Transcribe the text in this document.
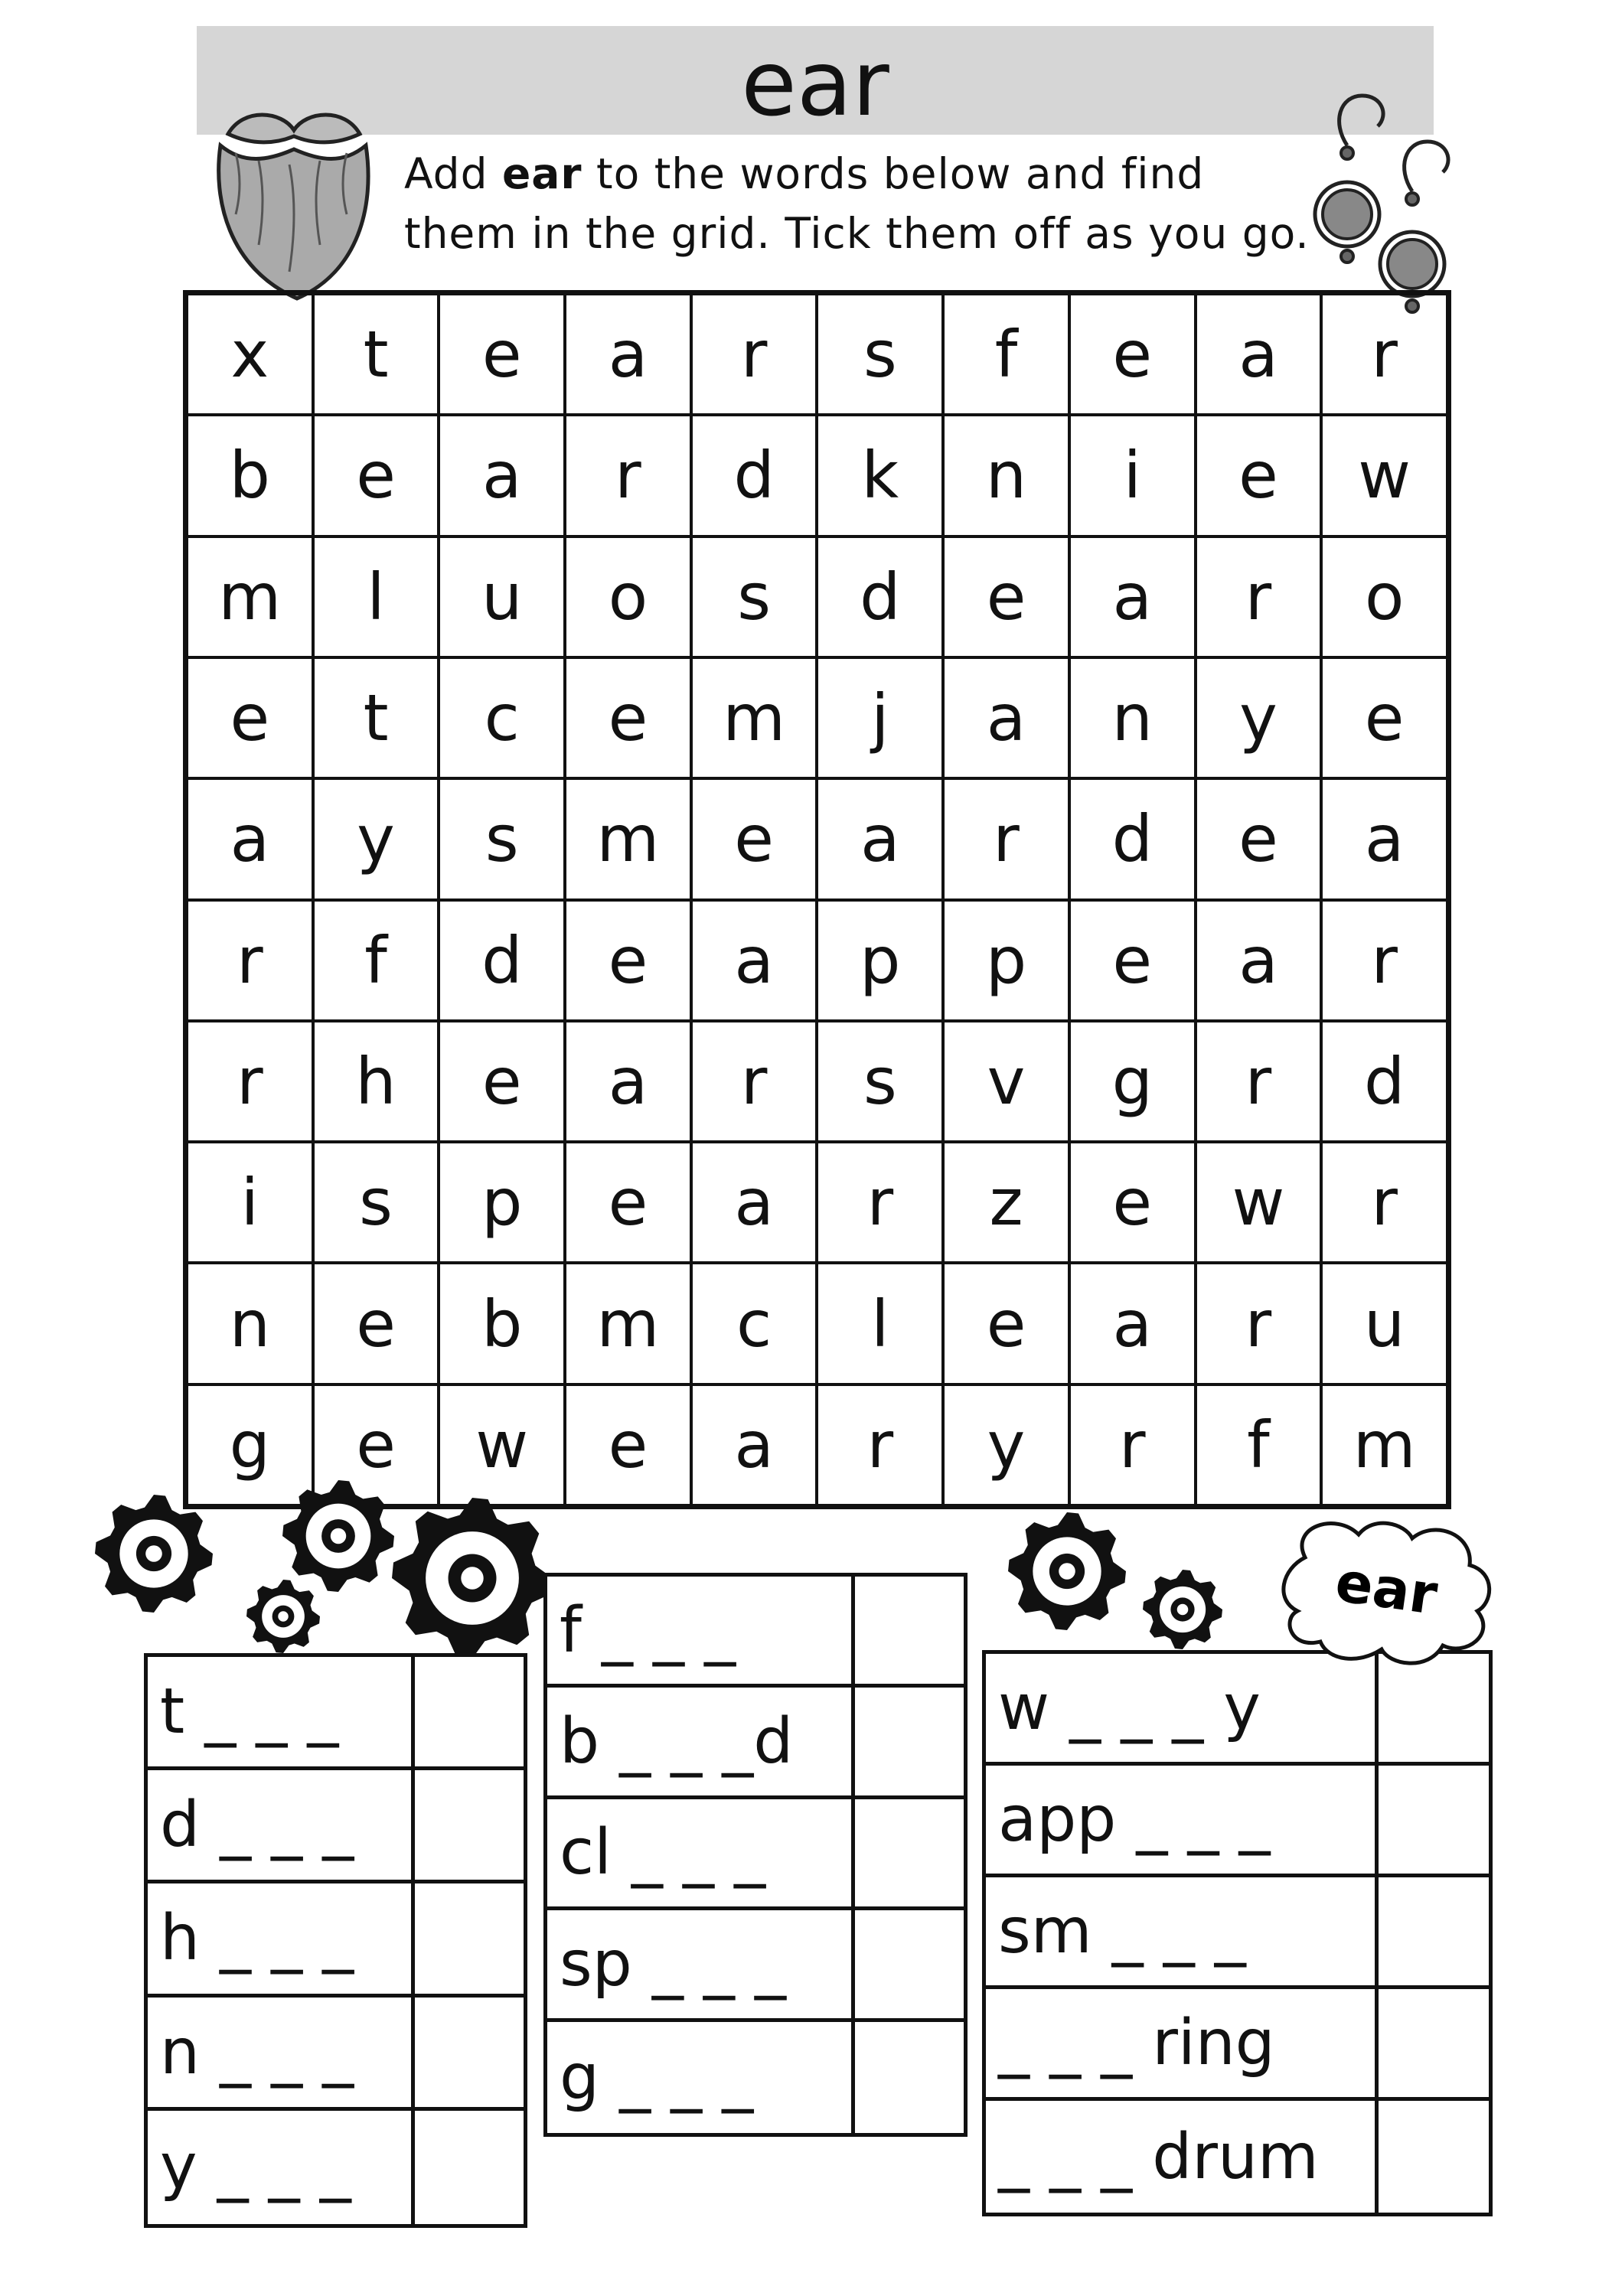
ear
Add ear to the words below and find
them in the grid. Tick them off as you go.
x	t	e	a	r	s	f	e	a	r
b	e	a	r	d	k	n	i	e	w
m	l	u	o	s	d	e	a	r	o
e	t	c	e	m	j	a	n	y	e
a	y	s	m	e	a	r	d	e	a
r	f	d	e	a	p	p	e	a	r
r	h	e	a	r	s	v	g	r	d
i	s	p	e	a	r	z	e	w	r
n	e	b	m	c	l	e	a	r	u
g	e	w	e	a	r	y	r	f	m
t _ _ _
d _ _ _
h _ _ _
n _ _ _
y _ _ _
f _ _ _
b _ _ _d
cl _ _ _
sp _ _ _
g _ _ _
w _ _ _ y
app _ _ _
sm _ _ _
_ _ _ ring
_ _ _ drum
ear
